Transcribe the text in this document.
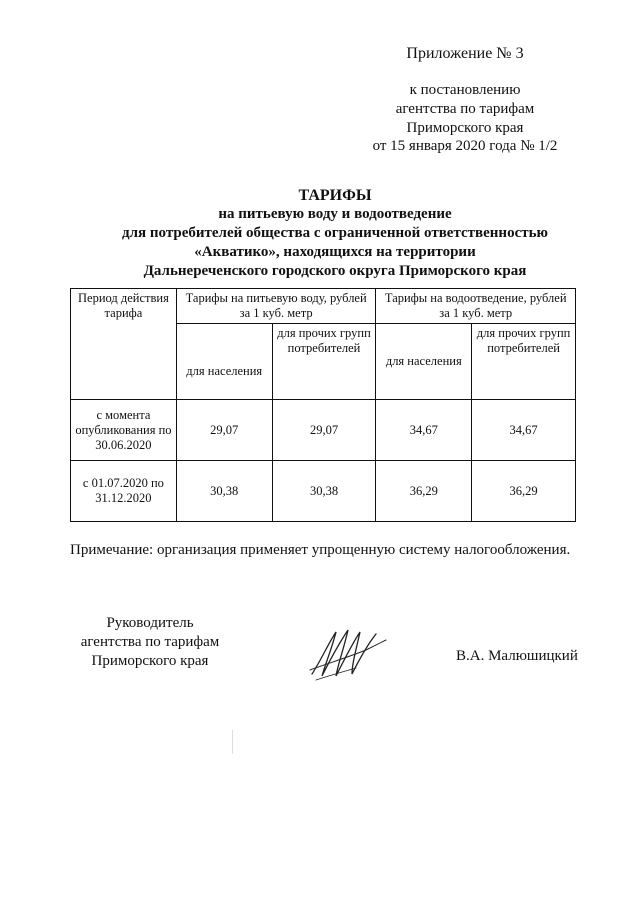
Приложение № 3
к постановлению
агентства по тарифам
Приморского края
от 15 января 2020 года № 1/2
ТАРИФЫ
на питьевую воду и водоотведение
для потребителей общества с ограниченной ответственностью
«Акватико», находящихся на территории
Дальнереченского городского округа Приморского края
Период действия тарифа	Тарифы на питьевую воду, рублей за 1 куб. метр		Тарифы на водоотведение, рублей за 1 куб. метр	
	для населения	для прочих групп потребителей	для населения	для прочих групп потребителей
с момента опубликования по 30.06.2020	29,07	29,07	34,67	34,67
с 01.07.2020 по 31.12.2020	30,38	30,38	36,29	36,29
Примечание: организация применяет упрощенную систему налогообложения.
Руководитель
агентства по тарифам
Приморского края	В.А. Малюшицкий
